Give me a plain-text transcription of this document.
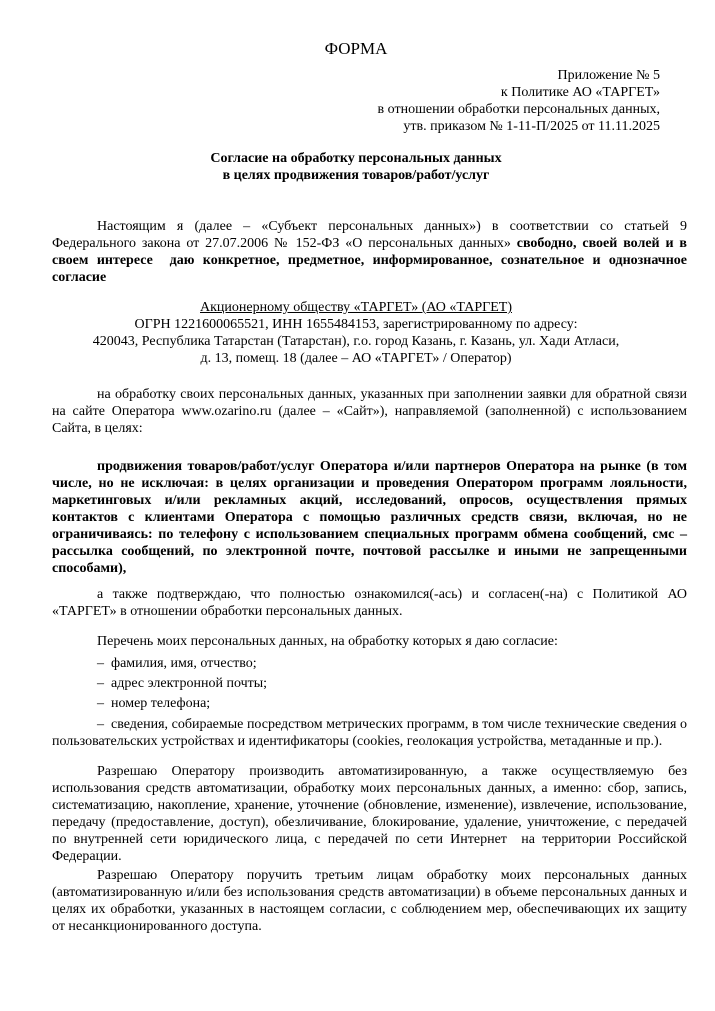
ФОРМА
Приложение № 5
к Политике АО «ТАРГЕТ»
в отношении обработки персональных данных,
утв. приказом № 1-11-П/2025 от 11.11.2025
Согласие на обработку персональных данных
в целях продвижения товаров/работ/услуг

Настоящим я (далее – «Субъект персональных данных») в соответствии со статьей 9 Федерального закона от 27.07.2006 № 152-ФЗ «О персональных данных» свободно, своей волей и в своем интересе  даю конкретное, предметное, информированное, сознательное и однозначное согласие

Акционерному обществу «ТАРГЕТ» (АО «ТАРГЕТ)
ОГРН 1221600065521, ИНН 1655484153, зарегистрированному по адресу:
420043, Республика Татарстан (Татарстан), г.о. город Казань, г. Казань, ул. Хади Атласи,
д. 13, помещ. 18 (далее – АО «ТАРГЕТ» / Оператор)

на обработку своих персональных данных, указанных при заполнении заявки для обратной связи на сайте Оператора www.ozarino.ru (далее – «Сайт»), направляемой (заполненной) с использованием Сайта, в целях:

продвижения товаров/работ/услуг Оператора и/или партнеров Оператора на рынке (в том числе, но не исключая: в целях организации и проведения Оператором программ лояльности, маркетинговых и/или рекламных акций, исследований, опросов, осуществления прямых контактов с клиентами Оператора с помощью различных средств связи, включая, но не ограничиваясь: по телефону с использованием специальных программ обмена сообщений, смс – рассылка сообщений, по электронной почте, почтовой рассылке и иными не запрещенными способами),

а также подтверждаю, что полностью ознакомился(-ась) и согласен(-на) с Политикой АО «ТАРГЕТ» в отношении обработки персональных данных.

Перечень моих персональных данных, на обработку которых я даю согласие:

– фамилия, имя, отчество;

– адрес электронной почты;

– номер телефона;

– сведения, собираемые посредством метрических программ, в том числе технические сведения о пользовательских устройствах и идентификаторы (cookies, геолокация устройства, метаданные и пр.).

Разрешаю Оператору производить автоматизированную, а также осуществляемую без использования средств автоматизации, обработку моих персональных данных, а именно: сбор, запись, систематизацию, накопление, хранение, уточнение (обновление, изменение), извлечение, использование, передачу (предоставление, доступ), обезличивание, блокирование, удаление, уничтожение, с передачей по внутренней сети юридического лица, с передачей по сети Интернет  на территории Российской Федерации.

Разрешаю Оператору поручить третьим лицам обработку моих персональных данных (автоматизированную и/или без использования средств автоматизации) в объеме персональных данных и целях их обработки, указанных в настоящем согласии, с соблюдением мер, обеспечивающих их защиту от несанкционированного доступа.
